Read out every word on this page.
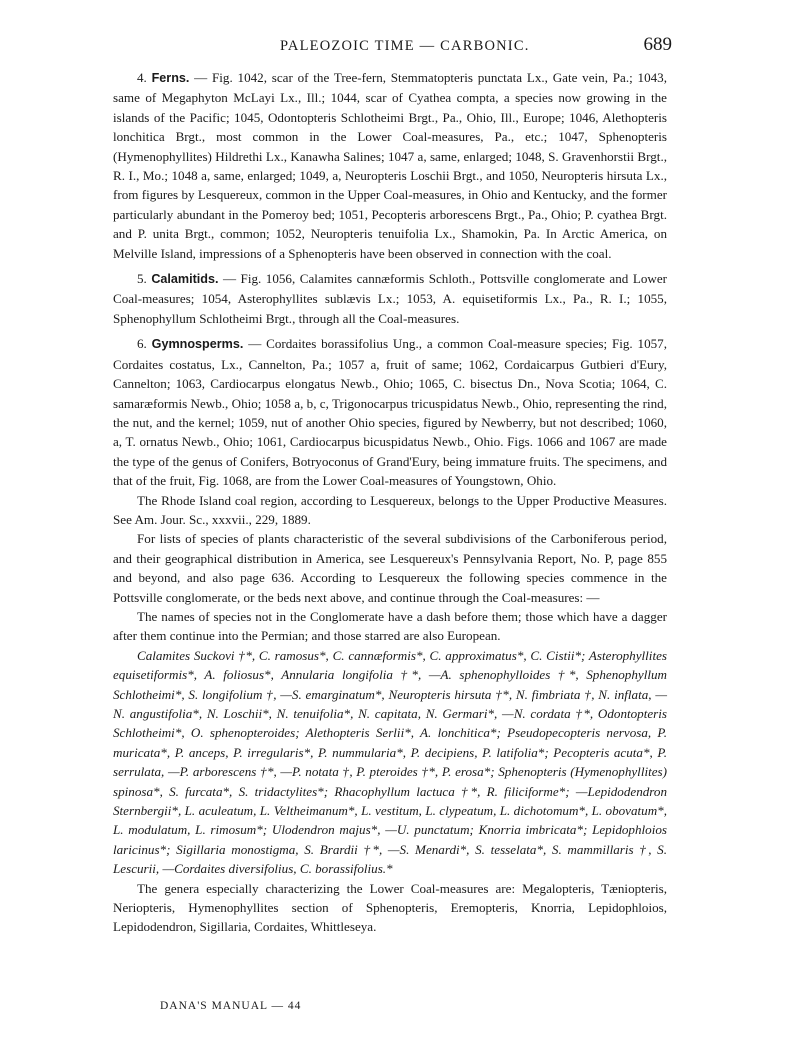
PALEOZOIC TIME — CARBONIC.	689

4. Ferns. — Fig. 1042, scar of the Tree-fern, Stemmatopteris punctata Lx., Gate vein, Pa.; 1043, same of Megaphyton McLayi Lx., Ill.; 1044, scar of Cyathea compta, a species now growing in the islands of the Pacific; 1045, Odontopteris Schlotheimi Brgt., Pa., Ohio, Ill., Europe; 1046, Alethopteris lonchitica Brgt., most common in the Lower Coal-measures, Pa., etc.; 1047, Sphenopteris (Hymenophyllites) Hildrethi Lx., Kanawha Salines; 1047 a, same, enlarged; 1048, S. Gravenhorstii Brgt., R. I., Mo.; 1048 a, same, enlarged; 1049, a, Neuropteris Loschii Brgt., and 1050, Neuropteris hirsuta Lx., from figures by Lesquereux, common in the Upper Coal-measures, in Ohio and Kentucky, and the former particularly abundant in the Pomeroy bed; 1051, Pecopteris arborescens Brgt., Pa., Ohio; P. cyathea Brgt. and P. unita Brgt., common; 1052, Neuropteris tenuifolia Lx., Shamokin, Pa. In Arctic America, on Melville Island, impressions of a Sphenopteris have been observed in connection with the coal.

5. Calamitids. — Fig. 1056, Calamites cannæformis Schloth., Pottsville conglomerate and Lower Coal-measures; 1054, Asterophyllites sublævis Lx.; 1053, A. equisetiformis Lx., Pa., R. I.; 1055, Sphenophyllum Schlotheimi Brgt., through all the Coal-measures.

6. Gymnosperms. — Cordaites borassifolius Ung., a common Coal-measure species; Fig. 1057, Cordaites costatus, Lx., Cannelton, Pa.; 1057 a, fruit of same; 1062, Cordaicarpus Gutbieri d'Eury, Cannelton; 1063, Cardiocarpus elongatus Newb., Ohio; 1065, C. bisectus Dn., Nova Scotia; 1064, C. samaræformis Newb., Ohio; 1058 a, b, c, Trigonocarpus tricuspidatus Newb., Ohio, representing the rind, the nut, and the kernel; 1059, nut of another Ohio species, figured by Newberry, but not described; 1060, a, T. ornatus Newb., Ohio; 1061, Cardiocarpus bicuspidatus Newb., Ohio. Figs. 1066 and 1067 are made the type of the genus of Conifers, Botryoconus of Grand'Eury, being immature fruits. The specimens, and that of the fruit, Fig. 1068, are from the Lower Coal-measures of Youngstown, Ohio.

The Rhode Island coal region, according to Lesquereux, belongs to the Upper Productive Measures. See Am. Jour. Sc., xxxvii., 229, 1889.

For lists of species of plants characteristic of the several subdivisions of the Carboniferous period, and their geographical distribution in America, see Lesquereux's Pennsylvania Report, No. P, page 855 and beyond, and also page 636. According to Lesquereux the following species commence in the Pottsville conglomerate, or the beds next above, and continue through the Coal-measures: —

The names of species not in the Conglomerate have a dash before them; those which have a dagger after them continue into the Permian; and those starred are also European.

Calamites Suckovi †*, C. ramosus*, C. cannæformis*, C. approximatus*, C. Cistii*; Asterophyllites equisetiformis*, A. foliosus*, Annularia longifolia †*, —A. sphenophylloides †*, Sphenophyllum Schlotheimi*, S. longifolium †, —S. emarginatum*, Neuropteris hirsuta †*, N. fimbriata †, N. inflata, —N. angustifolia*, N. Loschii*, N. tenuifolia*, N. capitata, N. Germari*, —N. cordata †*, Odontopteris Schlotheimi*, O. sphenopteroides; Alethopteris Serlii*, A. lonchitica*; Pseudopecopteris nervosa, P. muricata*, P. anceps, P. irregularis*, P. nummularia*, P. decipiens, P. latifolia*; Pecopteris acuta*, P. serrulata, —P. arborescens †*, —P. notata †, P. pteroides †*, P. erosa*; Sphenopteris (Hymenophyllites) spinosa*, S. furcata*, S. tridactylites*; Rhacophyllum lactuca †*, R. filiciforme*; —Lepidodendron Sternbergii*, L. aculeatum, L. Veltheimanum*, L. vestitum, L. clypeatum, L. dichotomum*, L. obovatum*, L. modulatum, L. rimosum*; Ulodendron majus*, —U. punctatum; Knorria imbricata*; Lepidophloios laricinus*; Sigillaria monostigma, S. Brardii †*, —S. Menardi*, S. tesselata*, S. mammillaris †, S. Lescurii, —Cordaites diversifolius, C. borassifolius.*

The genera especially characterizing the Lower Coal-measures are: Megalopteris, Tæniopteris, Neriopteris, Hymenophyllites section of Sphenopteris, Eremopteris, Knorria, Lepidophloios, Lepidodendron, Sigillaria, Cordaites, Whittleseya.

DANA'S MANUAL — 44
